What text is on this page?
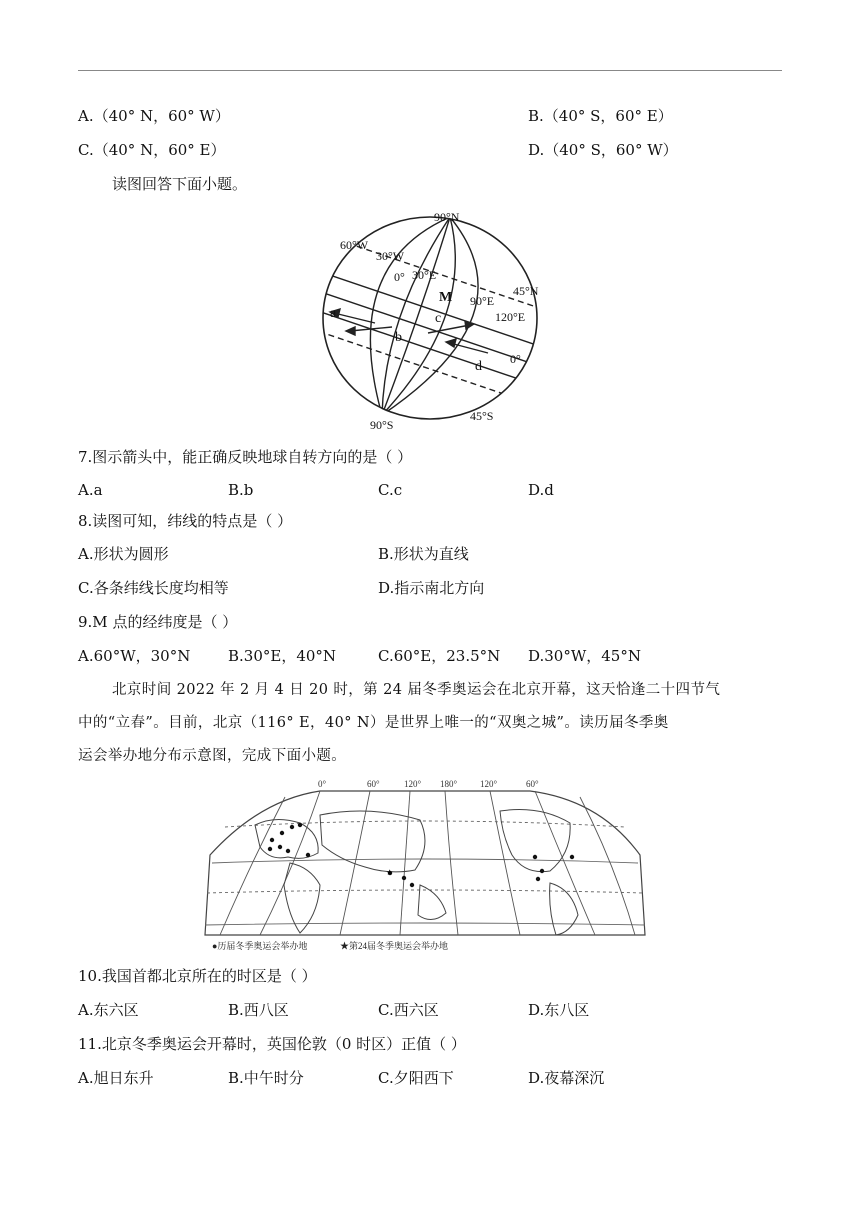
A.（40° N，60° W）	B.（40° S，60° E）
C.（40° N，60° E）	D.（40° S，60° W）
读图回答下面小题。
90°N
60°W
30°W
0° 30°E
45°N
M 90°E
120°E
a
b
c
d 0°
45°S
90°S
7.图示箭头中，能正确反映地球自转方向的是（ ）
A.a	B.b	C.c	D.d
8.读图可知，纬线的特点是（ ）
A.形状为圆形	B.形状为直线
C.各条纬线长度均相等	D.指示南北方向
9.M 点的经纬度是（ ）
A.60°W，30°N	B.30°E，40°N	C.60°E，23.5°N D.30°W，45°N
北京时间 2022 年 2 月 4 日 20 时，第 24 届冬季奥运会在北京开幕，这天恰逢二十四节气
中的“立春”。目前，北京（116° E，40° N）是世界上唯一的“双奥之城”。读历届冬季奥
运会举办地分布示意图，完成下面小题。
0°	60°	120° 180°	120°	60°
★
●历届冬季奥运会举办地	★第24届冬季奥运会举办地
10.我国首都北京所在的时区是（ ）
A.东六区	B.西八区	C.西六区	D.东八区
11.北京冬季奥运会开幕时，英国伦敦（0 时区）正值（ ）
A.旭日东升	B.中午时分	C.夕阳西下	D.夜幕深沉
